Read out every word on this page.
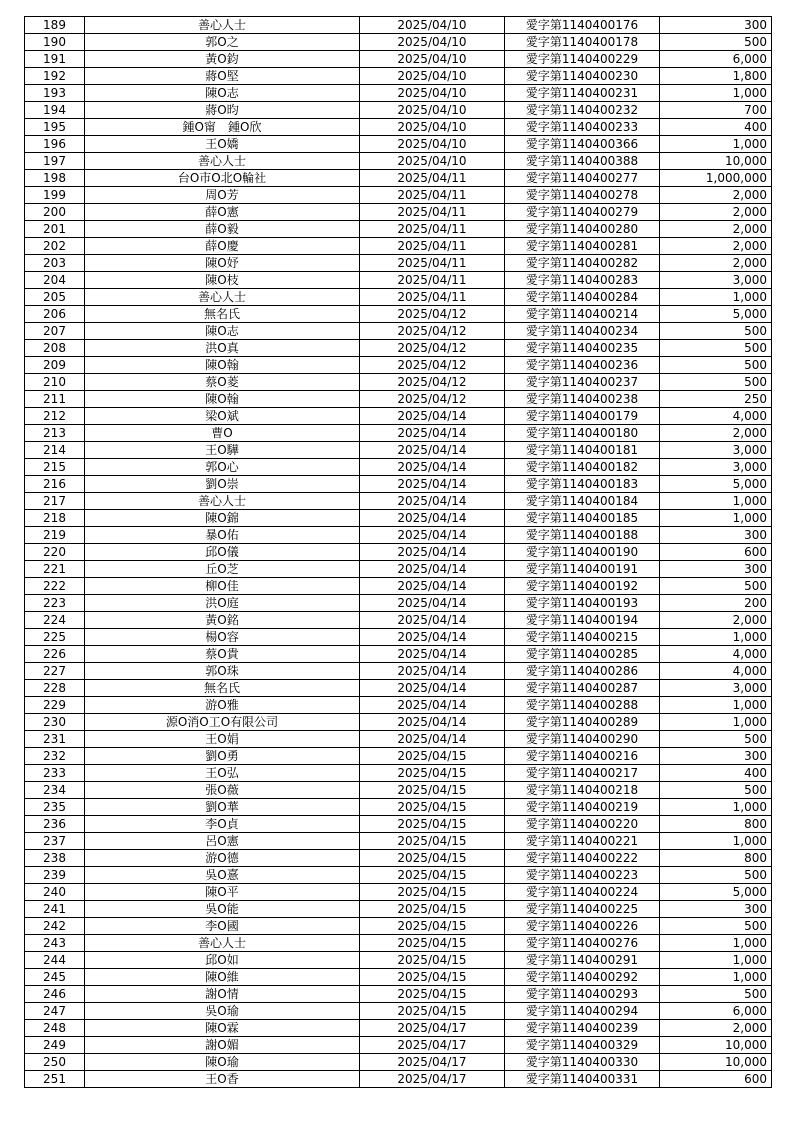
189	善心人士	2025/04/10	愛字第1140400176	300
190	郭O之	2025/04/10	愛字第1140400178	500
191	黃O鈞	2025/04/10	愛字第1140400229	6,000
192	蔣O堅	2025/04/10	愛字第1140400230	1,800
193	陳O志	2025/04/10	愛字第1140400231	1,000
194	蔣O昀	2025/04/10	愛字第1140400232	700
195	鍾O甯　鍾O欣	2025/04/10	愛字第1140400233	400
196	王O嬌	2025/04/10	愛字第1140400366	1,000
197	善心人士	2025/04/10	愛字第1140400388	10,000
198	台O市O北O輪社	2025/04/11	愛字第1140400277	1,000,000
199	周O芳	2025/04/11	愛字第1140400278	2,000
200	薛O憲	2025/04/11	愛字第1140400279	2,000
201	薛O毅	2025/04/11	愛字第1140400280	2,000
202	薛O慶	2025/04/11	愛字第1140400281	2,000
203	陳O妤	2025/04/11	愛字第1140400282	2,000
204	陳O枝	2025/04/11	愛字第1140400283	3,000
205	善心人士	2025/04/11	愛字第1140400284	1,000
206	無名氏	2025/04/12	愛字第1140400214	5,000
207	陳O志	2025/04/12	愛字第1140400234	500
208	洪O真	2025/04/12	愛字第1140400235	500
209	陳O翰	2025/04/12	愛字第1140400236	500
210	蔡O菱	2025/04/12	愛字第1140400237	500
211	陳O翰	2025/04/12	愛字第1140400238	250
212	梁O斌	2025/04/14	愛字第1140400179	4,000
213	曹O	2025/04/14	愛字第1140400180	2,000
214	王O驊	2025/04/14	愛字第1140400181	3,000
215	郭O心	2025/04/14	愛字第1140400182	3,000
216	劉O崇	2025/04/14	愛字第1140400183	5,000
217	善心人士	2025/04/14	愛字第1140400184	1,000
218	陳O錦	2025/04/14	愛字第1140400185	1,000
219	暴O佑	2025/04/14	愛字第1140400188	300
220	邱O儀	2025/04/14	愛字第1140400190	600
221	丘O芝	2025/04/14	愛字第1140400191	300
222	柳O佳	2025/04/14	愛字第1140400192	500
223	洪O庭	2025/04/14	愛字第1140400193	200
224	黃O銘	2025/04/14	愛字第1140400194	2,000
225	楊O容	2025/04/14	愛字第1140400215	1,000
226	蔡O貴	2025/04/14	愛字第1140400285	4,000
227	郭O珠	2025/04/14	愛字第1140400286	4,000
228	無名氏	2025/04/14	愛字第1140400287	3,000
229	游O雅	2025/04/14	愛字第1140400288	1,000
230	源O消O工O有限公司	2025/04/14	愛字第1140400289	1,000
231	王O娟	2025/04/14	愛字第1140400290	500
232	劉O勇	2025/04/15	愛字第1140400216	300
233	王O弘	2025/04/15	愛字第1140400217	400
234	張O薇	2025/04/15	愛字第1140400218	500
235	劉O華	2025/04/15	愛字第1140400219	1,000
236	李O貞	2025/04/15	愛字第1140400220	800
237	呂O憲	2025/04/15	愛字第1140400221	1,000
238	游O德	2025/04/15	愛字第1140400222	800
239	吳O憙	2025/04/15	愛字第1140400223	500
240	陳O平	2025/04/15	愛字第1140400224	5,000
241	吳O能	2025/04/15	愛字第1140400225	300
242	李O國	2025/04/15	愛字第1140400226	500
243	善心人士	2025/04/15	愛字第1140400276	1,000
244	邱O如	2025/04/15	愛字第1140400291	1,000
245	陳O維	2025/04/15	愛字第1140400292	1,000
246	謝O情	2025/04/15	愛字第1140400293	500
247	吳O瑜	2025/04/15	愛字第1140400294	6,000
248	陳O霖	2025/04/17	愛字第1140400239	2,000
249	謝O媚	2025/04/17	愛字第1140400329	10,000
250	陳O瑜	2025/04/17	愛字第1140400330	10,000
251	王O香	2025/04/17	愛字第1140400331	600
